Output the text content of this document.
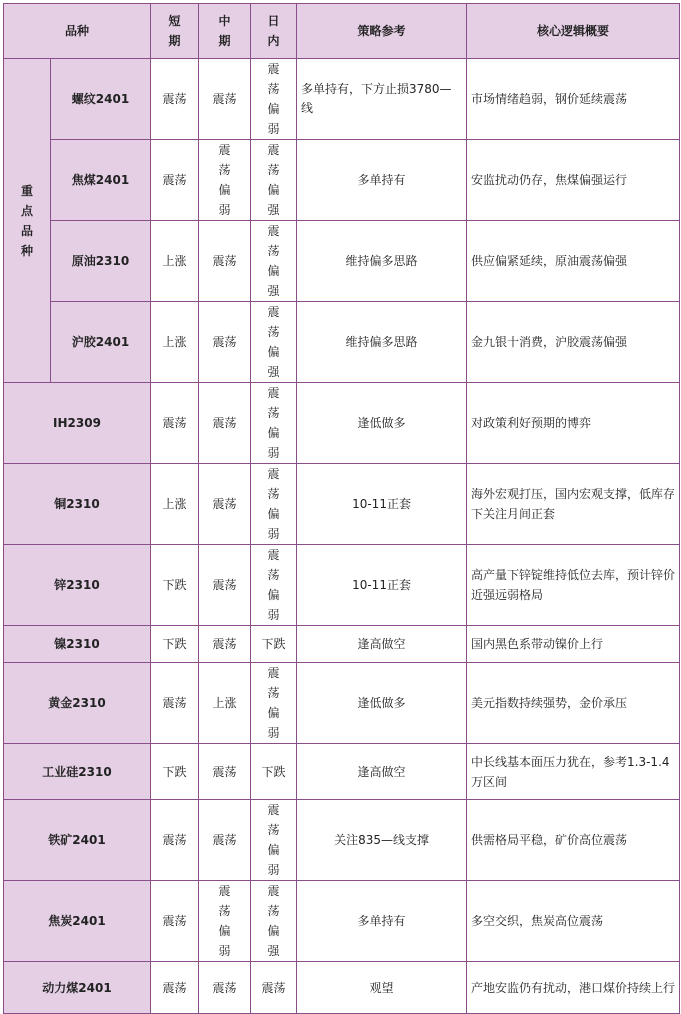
品种		短期	中期	日内	策略参考	核心逻辑概要

重点品种	螺纹2401	震荡	震荡	震荡偏弱	多单持有，下方止损3780—线	市场情绪趋弱，钢价延续震荡
	焦煤2401	震荡	震荡偏弱	震荡偏强	多单持有	安监扰动仍存，焦煤偏强运行
	原油2310	上涨	震荡	震荡偏强	维持偏多思路	供应偏紧延续，原油震荡偏强
	沪胶2401	上涨	震荡	震荡偏强	维持偏多思路	金九银十消费，沪胶震荡偏强
IH2309		震荡	震荡	震荡偏弱	逢低做多	对政策利好预期的博弈
铜2310		上涨	震荡	震荡偏弱	10-11正套	海外宏观打压，国内宏观支撑，低库存下关注月间正套
锌2310		下跌	震荡	震荡偏弱	10-11正套	高产量下锌锭维持低位去库，预计锌价近强远弱格局
镍2310		下跌	震荡	下跌	逢高做空	国内黑色系带动镍价上行
黄金2310		震荡	上涨	震荡偏弱	逢低做多	美元指数持续强势，金价承压
工业硅2310		下跌	震荡	下跌	逢高做空	中长线基本面压力犹在，参考1.3-1.4万区间
铁矿2401		震荡	震荡	震荡偏弱	关注835—线支撑	供需格局平稳，矿价高位震荡
焦炭2401		震荡	震荡偏弱	震荡偏强	多单持有	多空交织，焦炭高位震荡
动力煤2401		震荡	震荡	震荡	观望	产地安监仍有扰动，港口煤价持续上行
